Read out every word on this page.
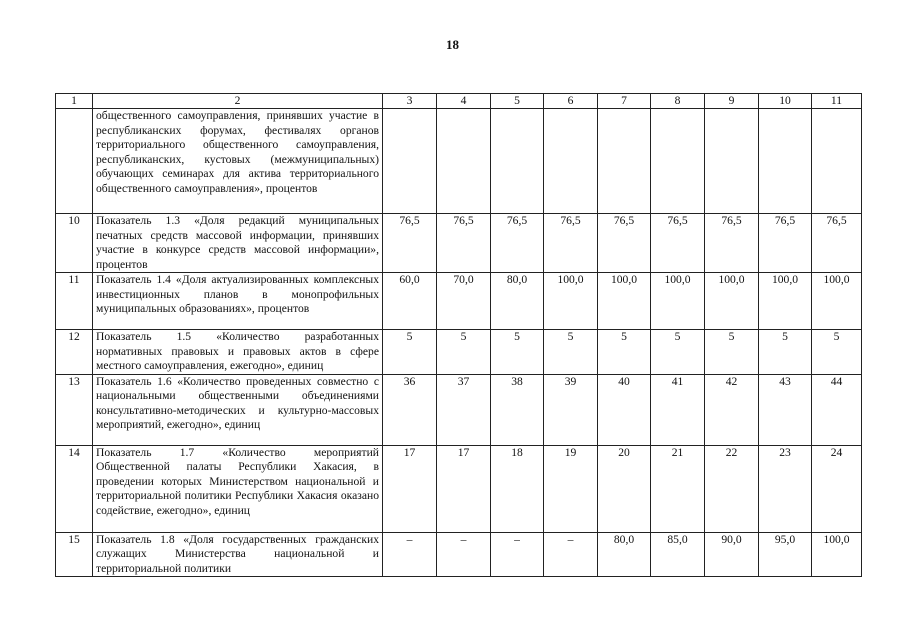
18
1	2	3	4	5	6	7	8	9	10	11
	общественного самоуправления, принявших участие в республиканских форумах, фестивалях органов территориального общественного самоуправления, республиканских, кустовых (межмуниципальных) обучающих семинарах для актива территориального общественного самоуправления», процентов									
10	Показатель 1.3 «Доля редакций муниципальных печатных средств массовой информации, принявших участие в конкурсе средств массовой информации», процентов	76,5	76,5	76,5	76,5	76,5	76,5	76,5	76,5	76,5
11	Показатель 1.4 «Доля актуализированных комплексных инвестиционных планов в монопрофильных муниципальных образованиях», процентов	60,0	70,0	80,0	100,0	100,0	100,0	100,0	100,0	100,0
12	Показатель 1.5 «Количество разработанных нормативных правовых и правовых актов в сфере местного самоуправления, ежегодно», единиц	5	5	5	5	5	5	5	5	5
13	Показатель 1.6 «Количество проведенных совместно с национальными общественными объединениями консультативно-методических и культурно-массовых мероприятий, ежегодно», единиц	36	37	38	39	40	41	42	43	44
14	Показатель 1.7 «Количество мероприятий Общественной палаты Республики Хакасия, в проведении которых Министерством национальной и территориальной политики Республики Хакасия оказано содействие, ежегодно», единиц	17	17	18	19	20	21	22	23	24
15	Показатель 1.8 «Доля государственных гражданских служащих Министерства национальной и территориальной политики	–	–	–	–	80,0	85,0	90,0	95,0	100,0
